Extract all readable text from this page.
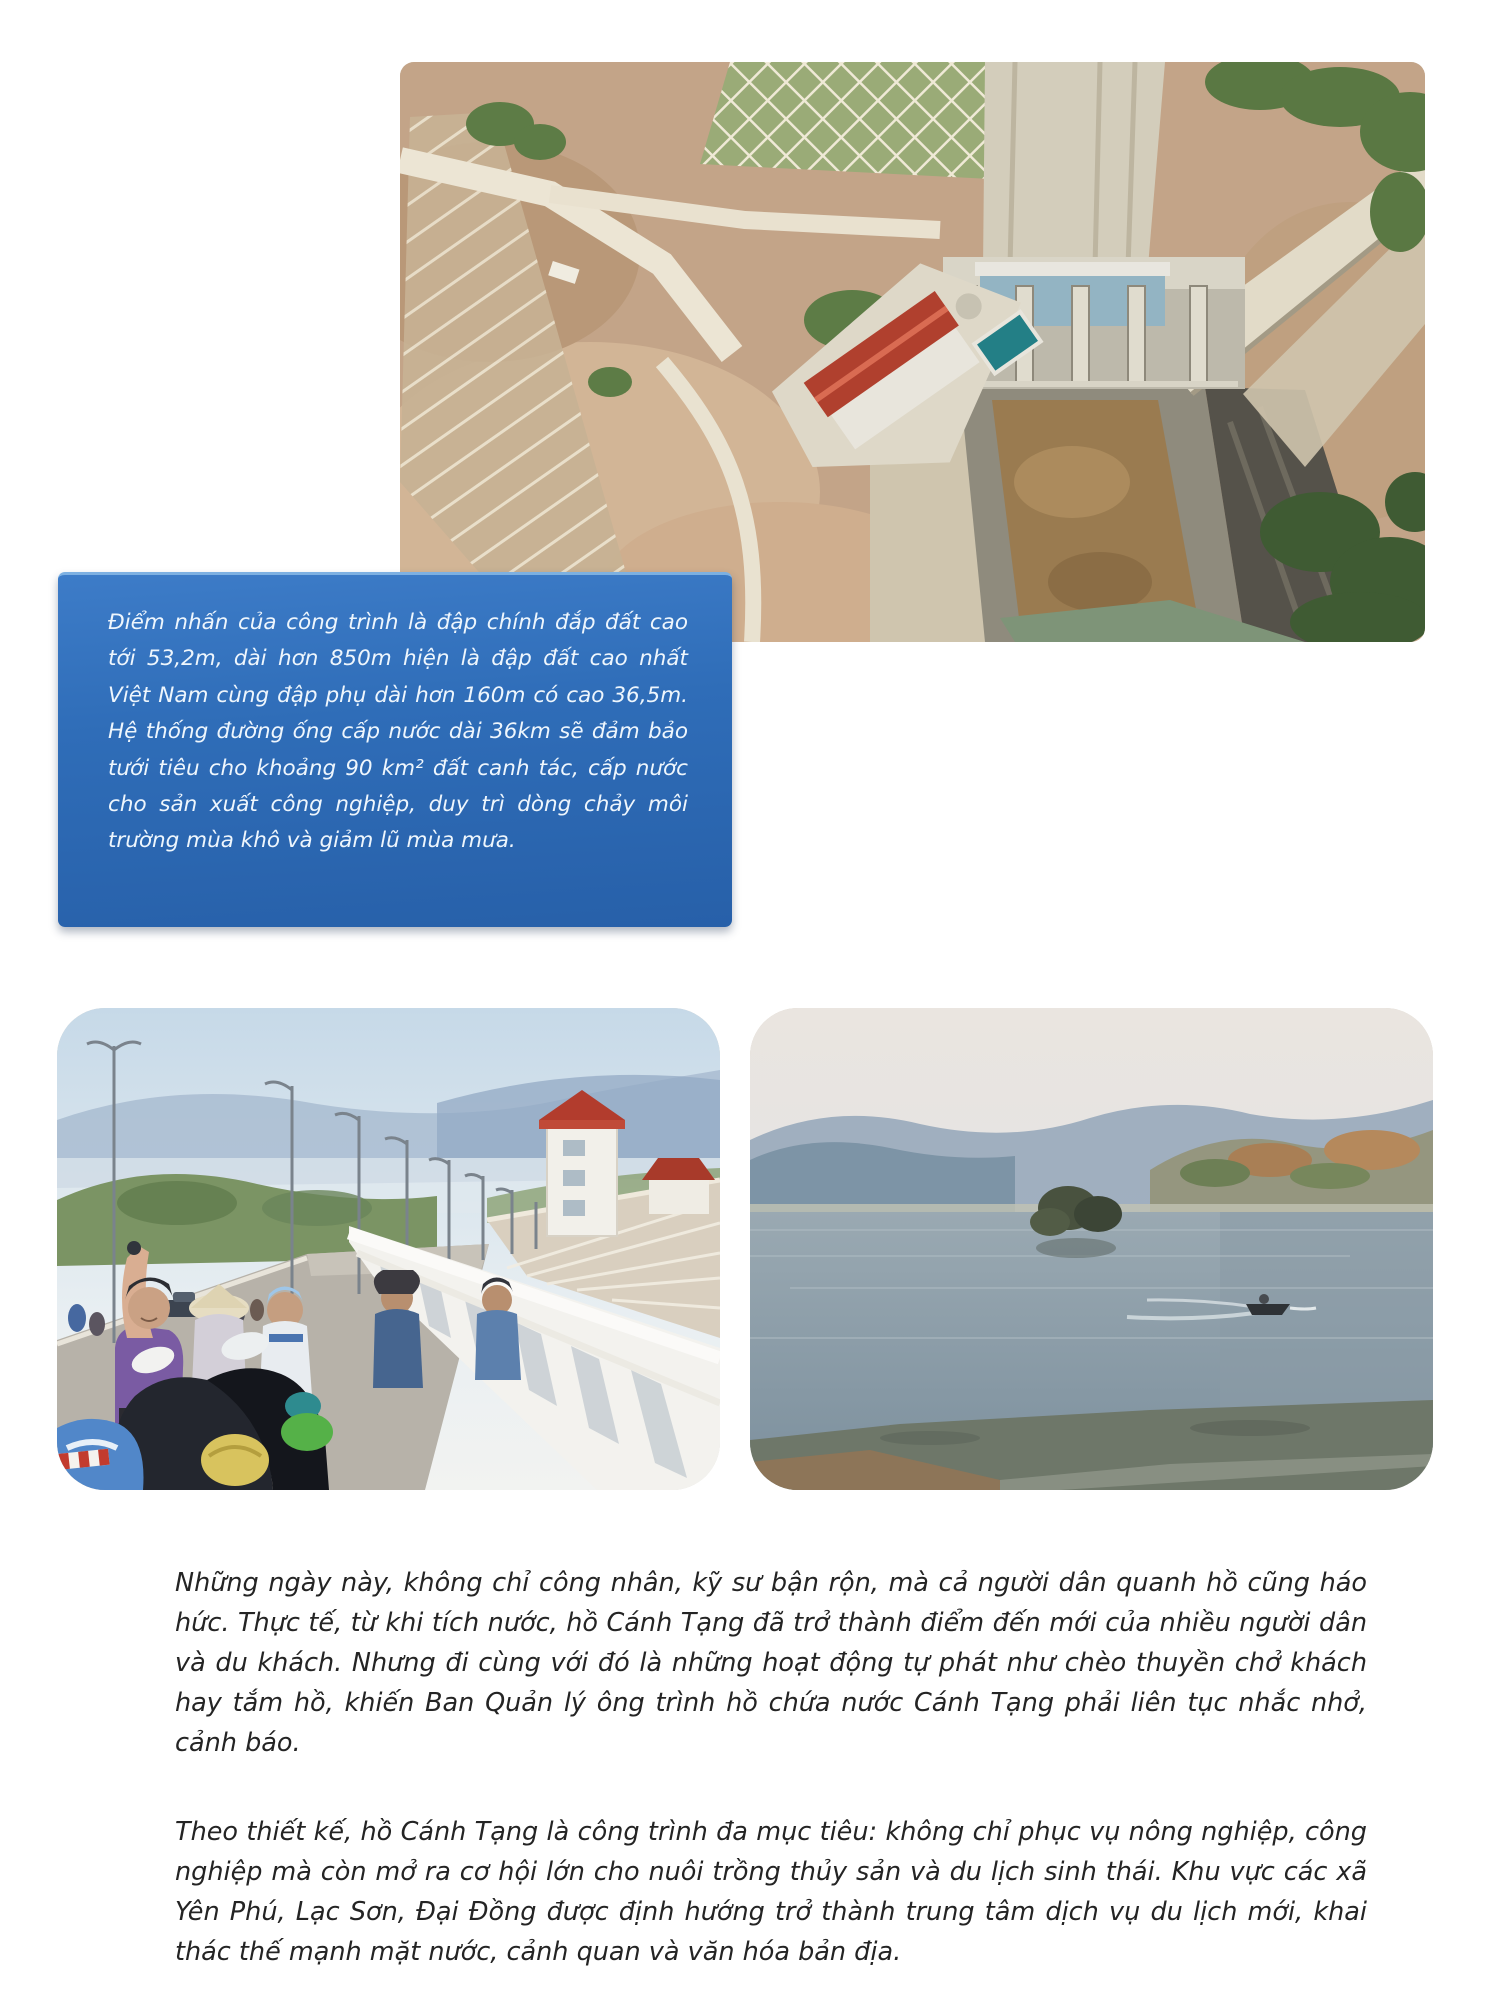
Điểm nhấn của công trình là đập chính đắp đất cao tới 53,2m, dài hơn 850m hiện là đập đất cao nhất Việt Nam cùng đập phụ dài hơn 160m có cao 36,5m. Hệ thống đường ống cấp nước dài 36km sẽ đảm bảo tưới tiêu cho khoảng 90 km² đất canh tác, cấp nước cho sản xuất công nghiệp, duy trì dòng chảy môi trường mùa khô và giảm lũ mùa mưa.

Những ngày này, không chỉ công nhân, kỹ sư bận rộn, mà cả người dân quanh hồ cũng háo hức. Thực tế, từ khi tích nước, hồ Cánh Tạng đã trở thành điểm đến mới của nhiều người dân và du khách. Nhưng đi cùng với đó là những hoạt động tự phát như chèo thuyền chở khách hay tắm hồ, khiến Ban Quản lý ông trình hồ chứa nước Cánh Tạng phải liên tục nhắc nhở, cảnh báo.

Theo thiết kế, hồ Cánh Tạng là công trình đa mục tiêu: không chỉ phục vụ nông nghiệp, công nghiệp mà còn mở ra cơ hội lớn cho nuôi trồng thủy sản và du lịch sinh thái. Khu vực các xã Yên Phú, Lạc Sơn, Đại Đồng được định hướng trở thành trung tâm dịch vụ du lịch mới, khai thác thế mạnh mặt nước, cảnh quan và văn hóa bản địa.
